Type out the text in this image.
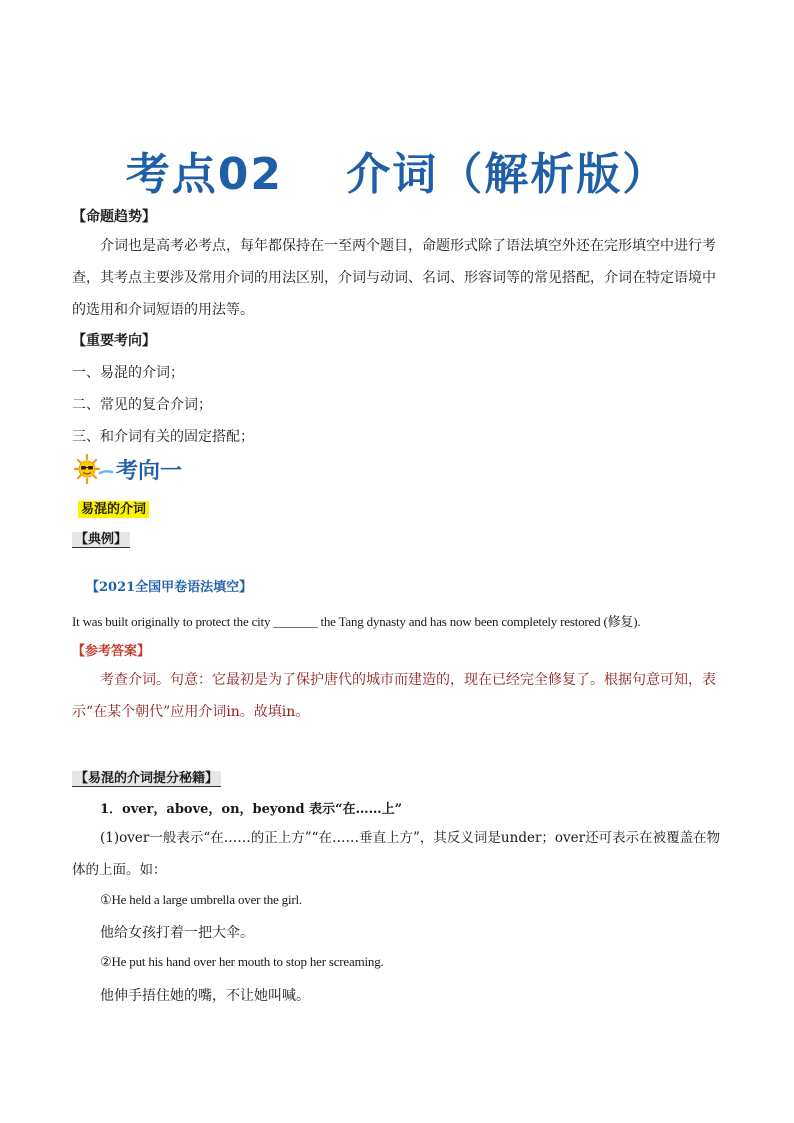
考点02　 介词（解析版）
【命题趋势】
介词也是高考必考点，每年都保持在一至两个题目，命题形式除了语法填空外还在完形填空中进行考查，其考点主要涉及常用介词的用法区别，介词与动词、名词、形容词等的常见搭配，介词在特定语境中的选用和介词短语的用法等。
【重要考向】
一、易混的介词；
二、常见的复合介词；
三、和介词有关的固定搭配；
考向一
易混的介词
【典例】
【2021全国甲卷语法填空】
It was built originally to protect the city _______ the Tang dynasty and has now been completely restored (修复).
【参考答案】
考查介词。句意：它最初是为了保护唐代的城市而建造的，现在已经完全修复了。根据句意可知，表示“在某个朝代”应用介词in。故填in。
【易混的介词提分秘籍】
1．over，above，on，beyond 表示“在……上”
(1)over一般表示“在……的正上方”“在……垂直上方”，其反义词是under；over还可表示在被覆盖在物体的上面。如：
①He held a large umbrella over the girl.
他给女孩打着一把大伞。
②He put his hand over her mouth to stop her screaming.
他伸手捂住她的嘴，不让她叫喊。
